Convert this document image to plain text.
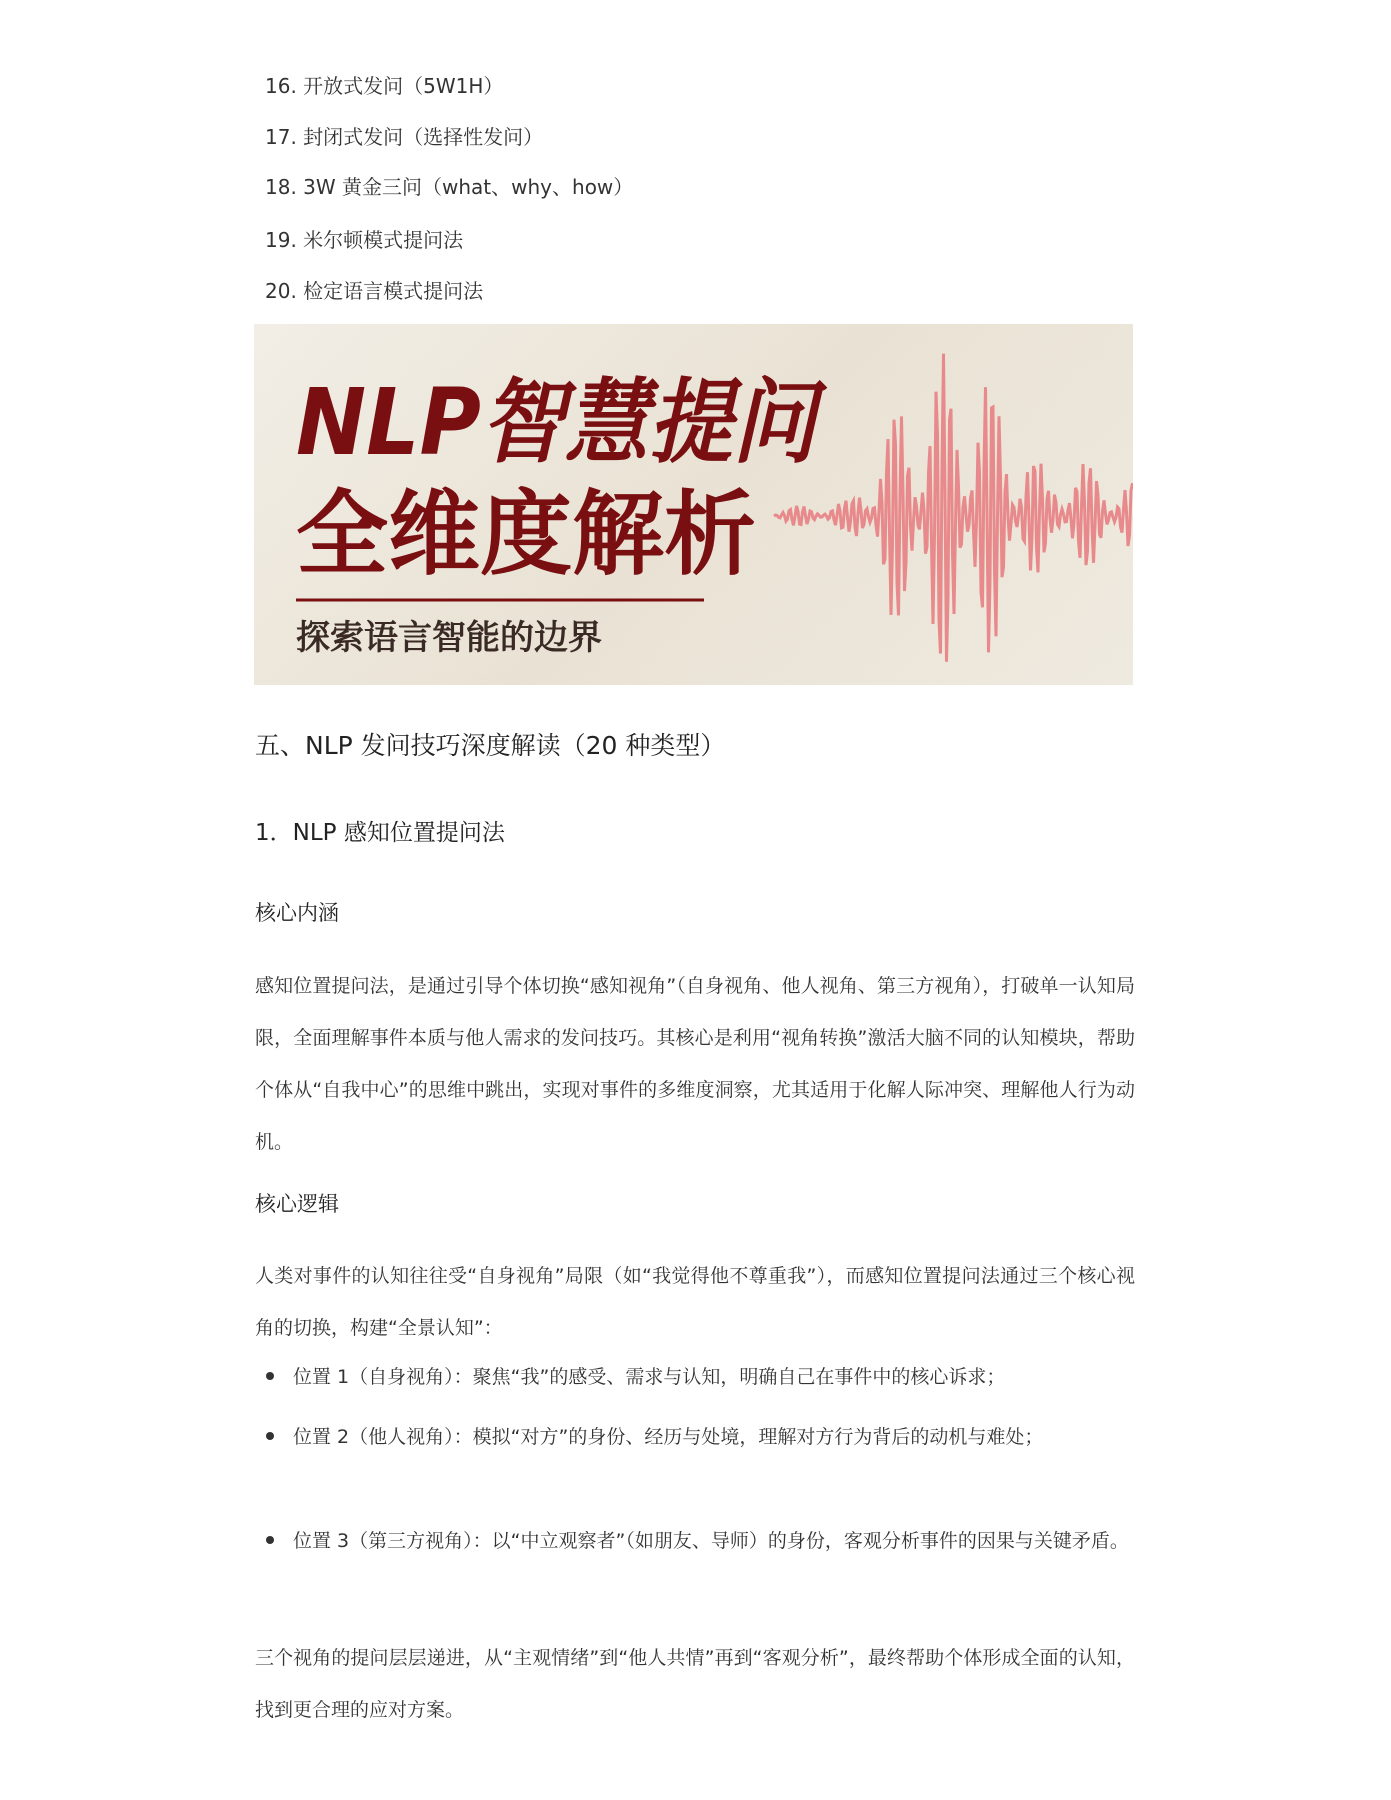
16. 开放式发问（5W1H）
17. 封闭式发问（选择性发问）
18. 3W 黄金三问（what、why、how）
19. 米尔顿模式提问法
20. 检定语言模式提问法
NLP智慧提问
全维度解析
探索语言智能的边界
五、NLP 发问技巧深度解读（20 种类型）
1．NLP 感知位置提问法
核心内涵

感知位置提问法，是通过引导个体切换“感知视角”（自身视角、他人视角、第三方视角），打破单一认知局限，全面理解事件本质与他人需求的发问技巧。其核心是利用“视角转换”激活大脑不同的认知模块，帮助个体从“自我中心”的思维中跳出，实现对事件的多维度洞察，尤其适用于化解人际冲突、理解他人行为动机。

核心逻辑

人类对事件的认知往往受“自身视角”局限（如“我觉得他不尊重我”），而感知位置提问法通过三个核心视角的切换，构建“全景认知”：

位置 1（自身视角）：聚焦“我”的感受、需求与认知，明确自己在事件中的核心诉求；
位置 2（他人视角）：模拟“对方”的身份、经历与处境，理解对方行为背后的动机与难处；
位置 3（第三方视角）：以“中立观察者”（如朋友、导师）的身份，客观分析事件的因果与关键矛盾。

三个视角的提问层层递进，从“主观情绪”到“他人共情”再到“客观分析”，最终帮助个体形成全面的认知，找到更合理的应对方案。
